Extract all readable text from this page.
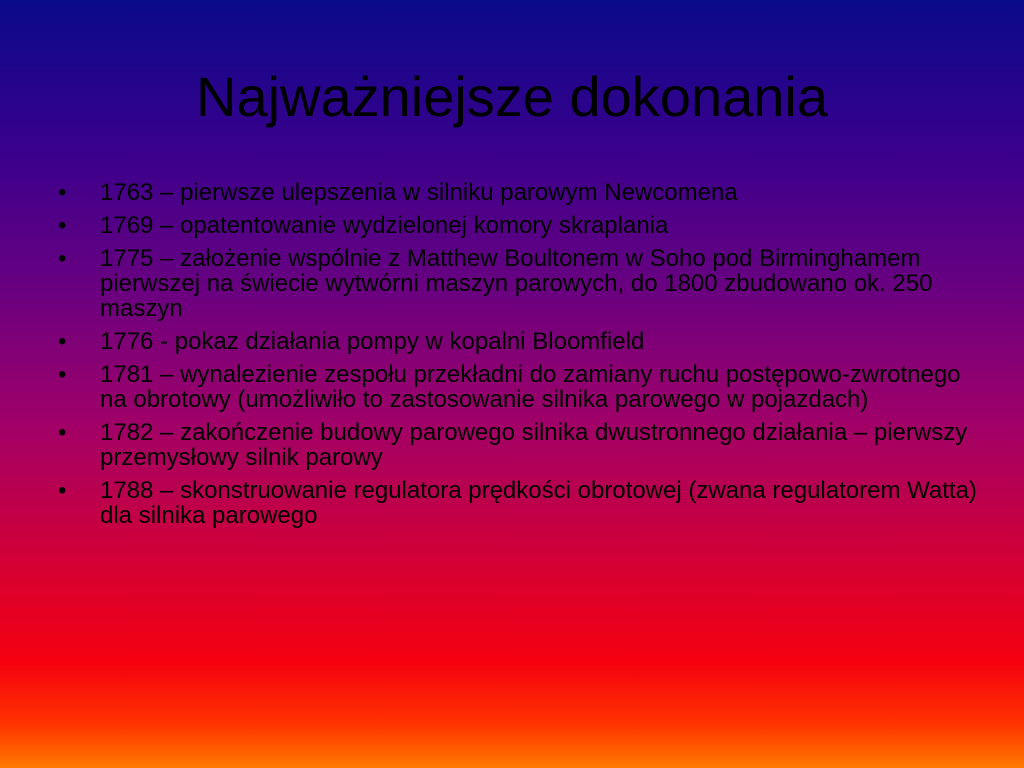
Najważniejsze dokonania
•	1763 – pierwsze ulepszenia w silniku parowym Newcomena
•	1769 – opatentowanie wydzielonej komory skraplania
•	1775 – założenie wspólnie z Matthew Boultonem w Soho pod Birminghamem pierwszej na świecie wytwórni maszyn parowych, do 1800 zbudowano ok. 250 maszyn
•	1776 - pokaz działania pompy w kopalni Bloomfield
•	1781 – wynalezienie zespołu przekładni do zamiany ruchu postępowo-zwrotnego na obrotowy (umożliwiło to zastosowanie silnika parowego w pojazdach)
•	1782 – zakończenie budowy parowego silnika dwustronnego działania – pierwszy przemysłowy silnik parowy
•	1788 – skonstruowanie regulatora prędkości obrotowej (zwana regulatorem Watta) dla silnika parowego
